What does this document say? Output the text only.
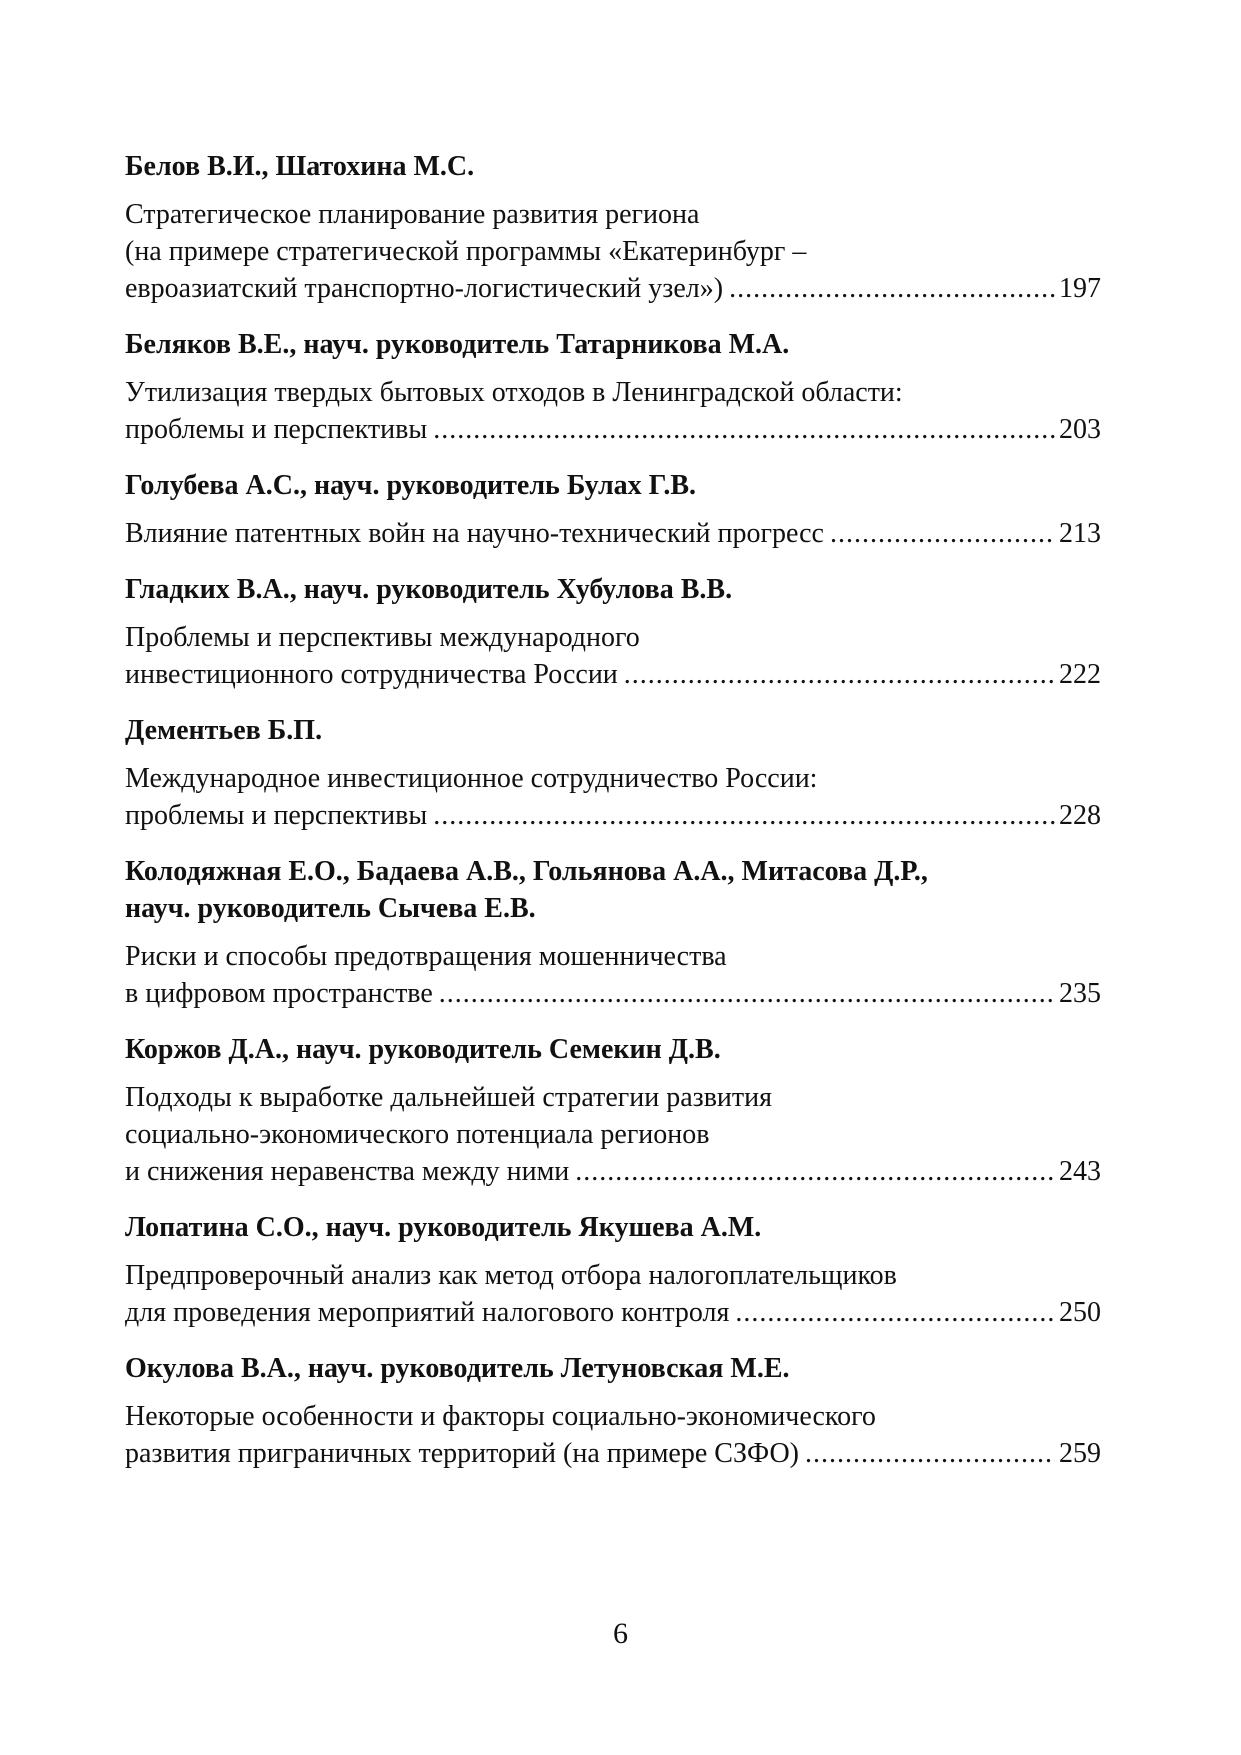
Белов В.И., Шатохина М.С.
Стратегическое планирование развития региона
(на примере стратегической программы «Екатеринбург –
евроазиатский транспортно-логистический узел») .....	197
Беляков В.Е., науч. руководитель Татарникова М.А.
Утилизация твердых бытовых отходов в Ленинградской области:
проблемы и перспективы .....	203
Голубева А.С., науч. руководитель Булах Г.В.
Влияние патентных войн на научно-технический прогресс .....	213
Гладких В.А., науч. руководитель Хубулова В.В.
Проблемы и перспективы международного
инвестиционного сотрудничества России .....	222
Дементьев Б.П.
Международное инвестиционное сотрудничество России:
проблемы и перспективы .....	228
Колодяжная Е.О., Бадаева А.В., Гольянова А.А., Митасова Д.Р.,
науч. руководитель Сычева Е.В.
Риски и способы предотвращения мошенничества
в цифровом пространстве .....	235
Коржов Д.А., науч. руководитель Семекин Д.В.
Подходы к выработке дальнейшей стратегии развития
социально-экономического потенциала регионов
и снижения неравенства между ними .....	243
Лопатина С.О., науч. руководитель Якушева А.М.
Предпроверочный анализ как метод отбора налогоплательщиков
для проведения мероприятий налогового контроля .....	250
Окулова В.А., науч. руководитель Летуновская М.Е.
Некоторые особенности и факторы социально-экономического
развития приграничных территорий (на примере СЗФО) .....	259
6
